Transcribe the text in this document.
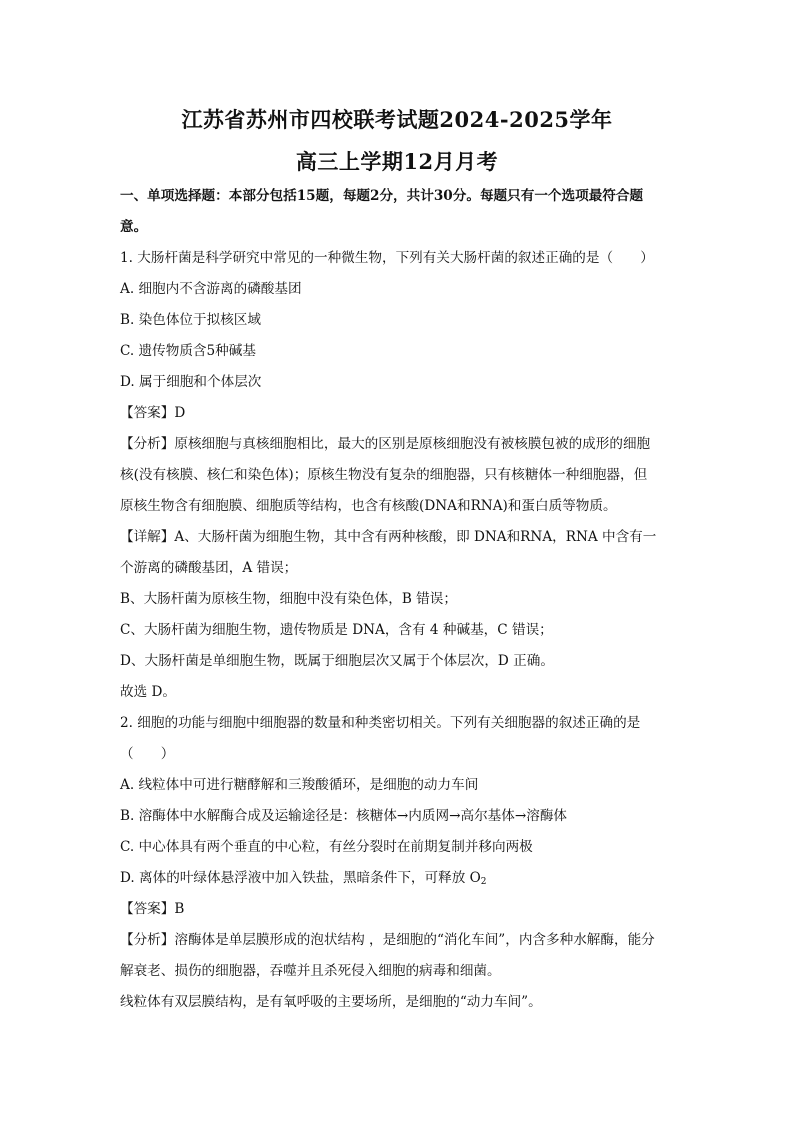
江苏省苏州市四校联考试题2024-2025学年
高三上学期12月月考
一、单项选择题：本部分包括15题，每题2分，共计30分。每题只有一个选项最符合题
意。
1. 大肠杆菌是科学研究中常见的一种微生物，下列有关大肠杆菌的叙述正确的是（　　）
A. 细胞内不含游离的磷酸基团
B. 染色体位于拟核区域
C. 遗传物质含5种碱基
D. 属于细胞和个体层次
【答案】D
【分析】原核细胞与真核细胞相比，最大的区别是原核细胞没有被核膜包被的成形的细胞
核(没有核膜、核仁和染色体)；原核生物没有复杂的细胞器，只有核糖体一种细胞器，但
原核生物含有细胞膜、细胞质等结构，也含有核酸(DNA和RNA)和蛋白质等物质。
【详解】A、大肠杆菌为细胞生物，其中含有两种核酸，即 DNA和RNA，RNA 中含有一
个游离的磷酸基团，A 错误；
B、大肠杆菌为原核生物，细胞中没有染色体，B 错误；
C、大肠杆菌为细胞生物，遗传物质是 DNA，含有 4 种碱基，C 错误；
D、大肠杆菌是单细胞生物，既属于细胞层次又属于个体层次，D 正确。
故选 D。
2. 细胞的功能与细胞中细胞器的数量和种类密切相关。下列有关细胞器的叙述正确的是
（　　）
A. 线粒体中可进行糖酵解和三羧酸循环，是细胞的动力车间
B. 溶酶体中水解酶合成及运输途径是：核糖体→内质网→高尔基体→溶酶体
C. 中心体具有两个垂直的中心粒，有丝分裂时在前期复制并移向两极
D. 离体的叶绿体悬浮液中加入铁盐，黑暗条件下，可释放 $O_2$
【答案】B
【分析】溶酶体是单层膜形成的泡状结构 ，是细胞的“消化车间”，内含多种水解酶，能分
解衰老、损伤的细胞器，吞噬并且杀死侵入细胞的病毒和细菌。
线粒体有双层膜结构，是有氧呼吸的主要场所，是细胞的“动力车间”。
